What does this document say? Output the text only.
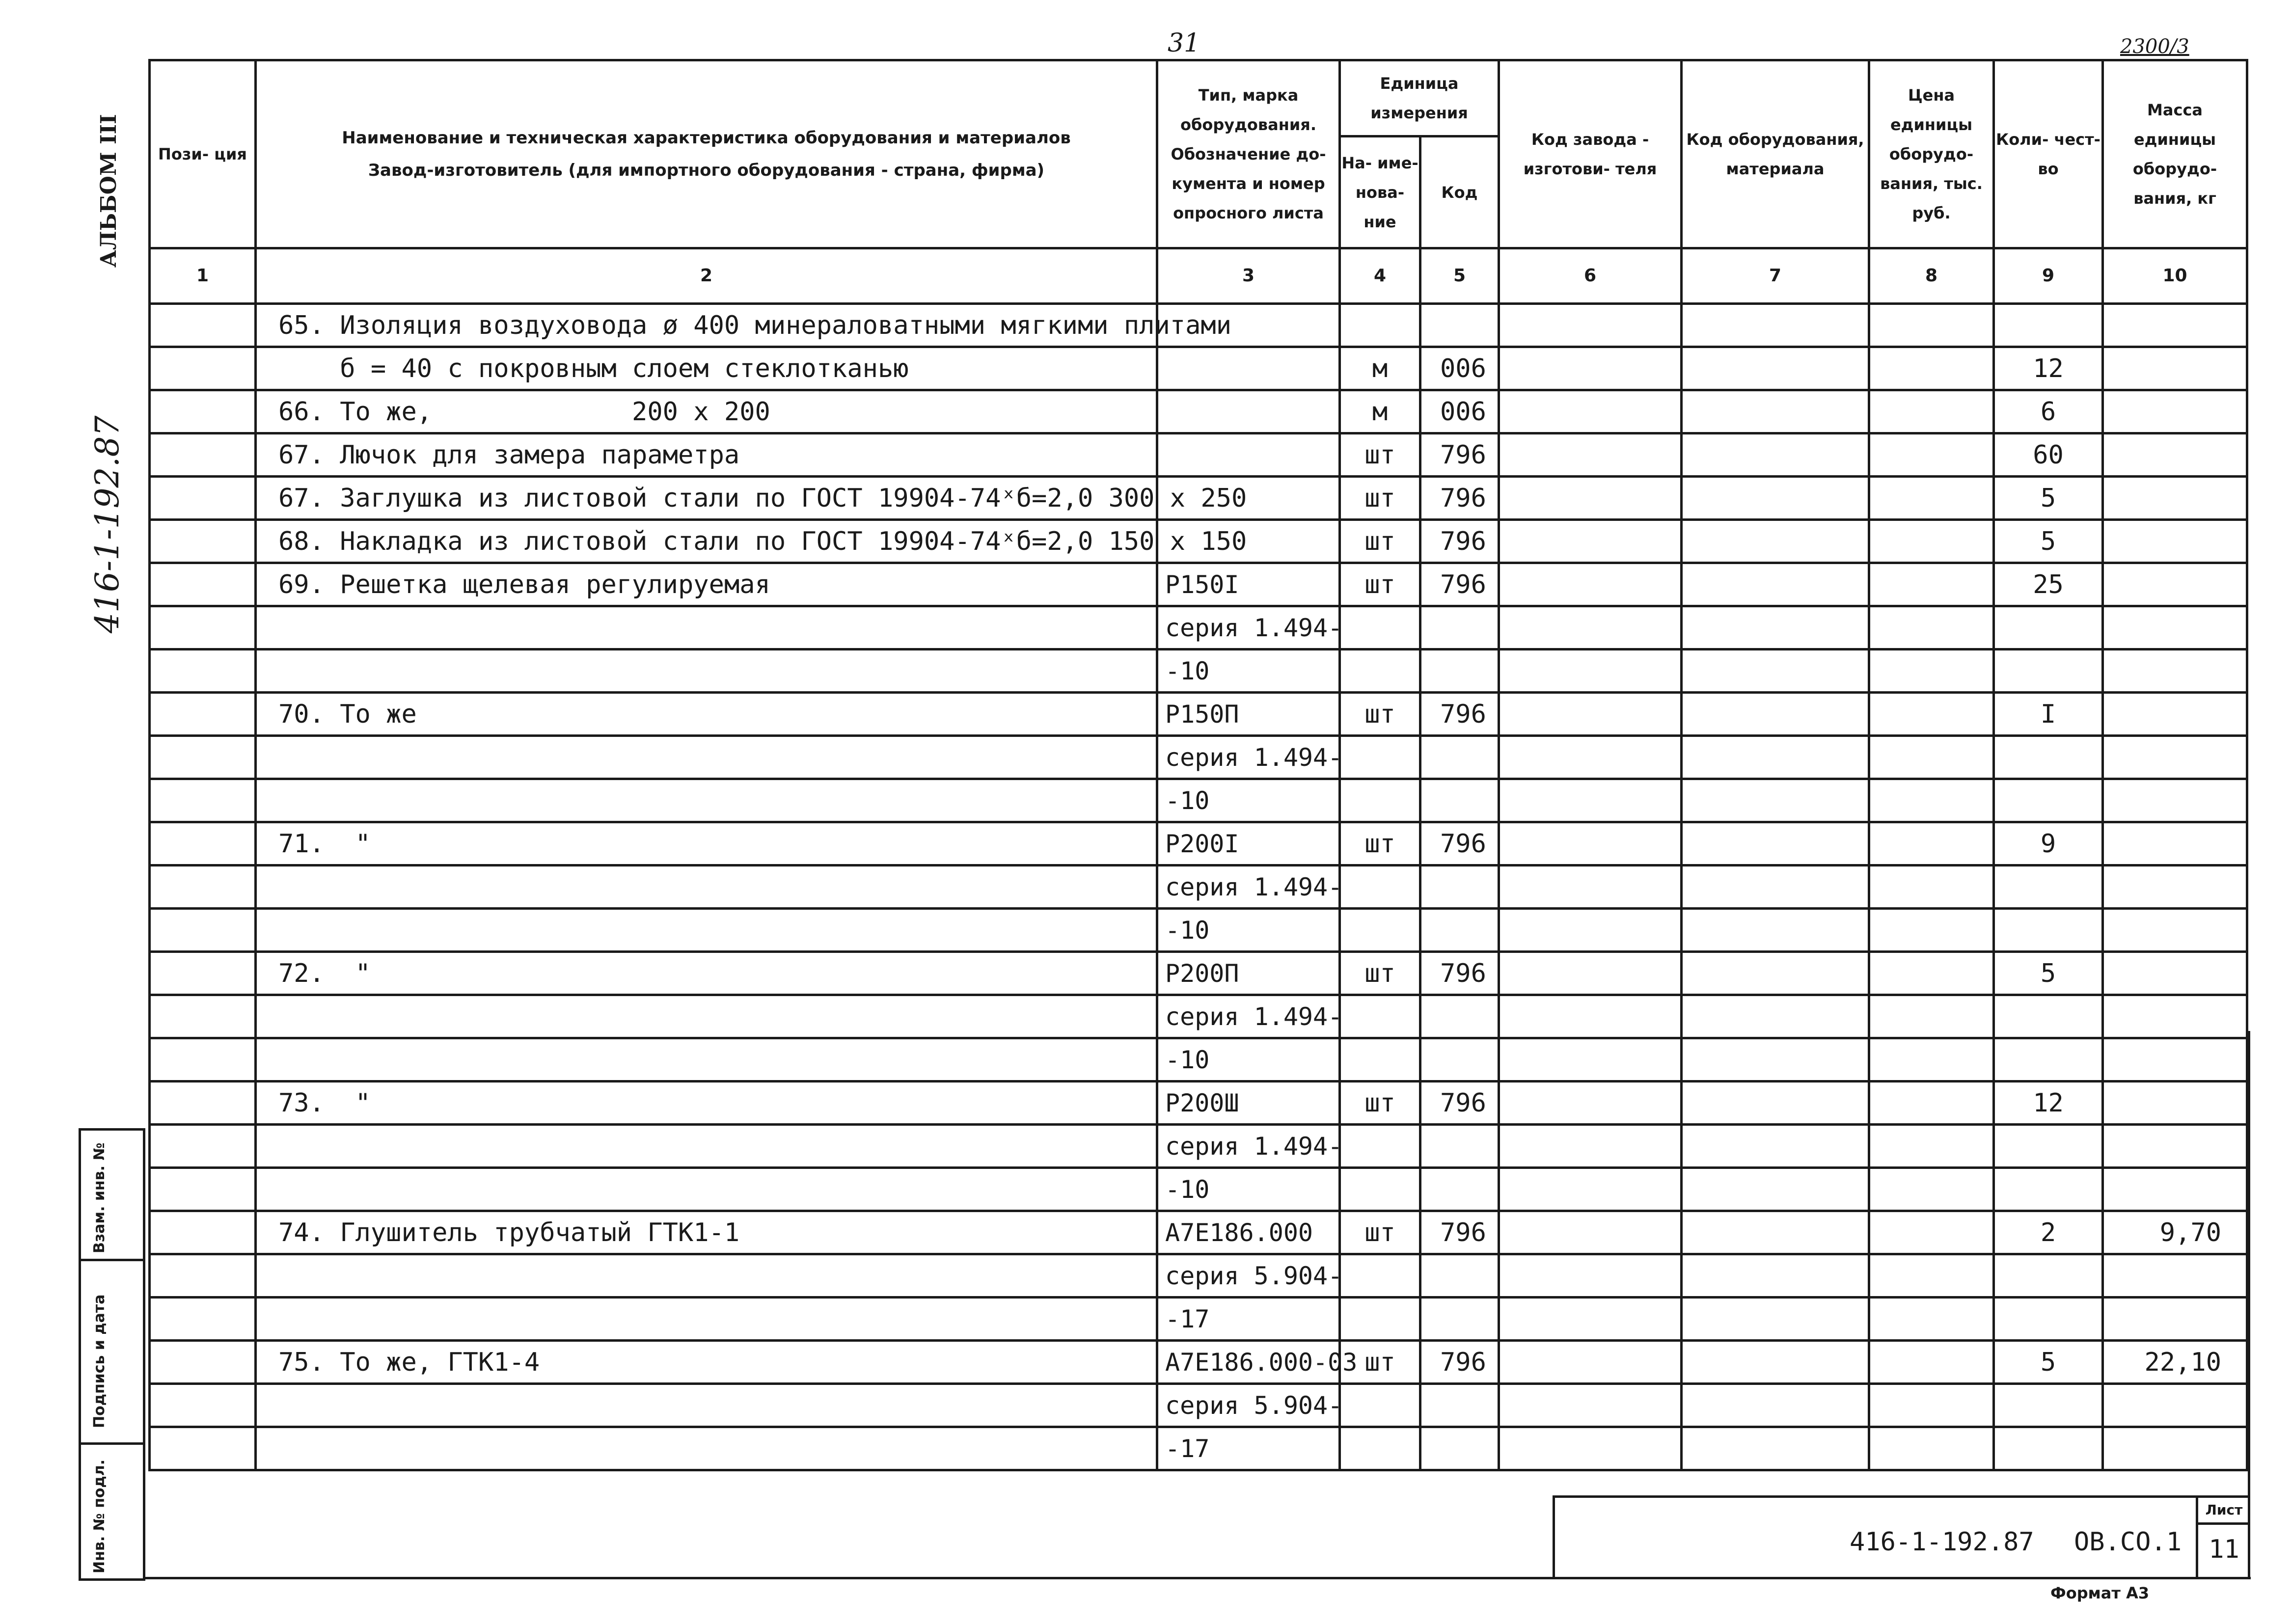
31	2300/3
АЛЬБОМ III
416-1-192.87
Пози- ция	Наименование и техническая характеристика оборудования и материалов
Завод-изготовитель (для импортного оборудования - страна, фирма)	Тип, марка оборудования. Обозначение до- кумента и номер опросного листа	Единица измерения		Код завода - изготови- теля	Код оборудования, материала	Цена единицы оборудо- вания, тыс. руб.	Коли- чест- во	Масса единицы оборудо- вания, кг
			На- име- нова- ние	Код					
1	2	3	4	5	6	7	8	9	10
	65. Изоляция воздуховода ø 400 минераловатными мягкими плитами								
	б = 40 с покровным слоем стеклотканью		м	006				12	
	66. То же,             200 х 200		м	006				6	
	67. Лючок для замера параметра		шт	796				60	
	67. Заглушка из листовой стали по ГОСТ 19904-74ˣб=2,0 300 х 250		шт	796				5	
	68. Накладка из листовой стали по ГОСТ 19904-74ˣб=2,0 150 х 150		шт	796				5	
	69. Решетка щелевая регулируемая	Р150I	шт	796				25	
		серия 1.494-							
		-10							
	70. То же	Р150П	шт	796				I	
		серия 1.494-							
		-10							
	71.  "	Р200I	шт	796				9	
		серия 1.494-							
		-10							
	72.  "	Р200П	шт	796				5	
		серия 1.494-							
		-10							
	73.  "	Р200Ш	шт	796				12	
		серия 1.494-							
		-10							
	74. Глушитель трубчатый ГТК1-1	А7Е186.000	шт	796				2	9,70
		серия 5.904-							
		-17							
	75. То же, ГТК1-4	А7Е186.000-03	шт	796				5	22,10
		серия 5.904-							
		-17							
Взам. инв. №
Подпись и дата
Инв. № подл.	416-1-192.87 ОВ.СО.1
Лист
11
Формат А3
